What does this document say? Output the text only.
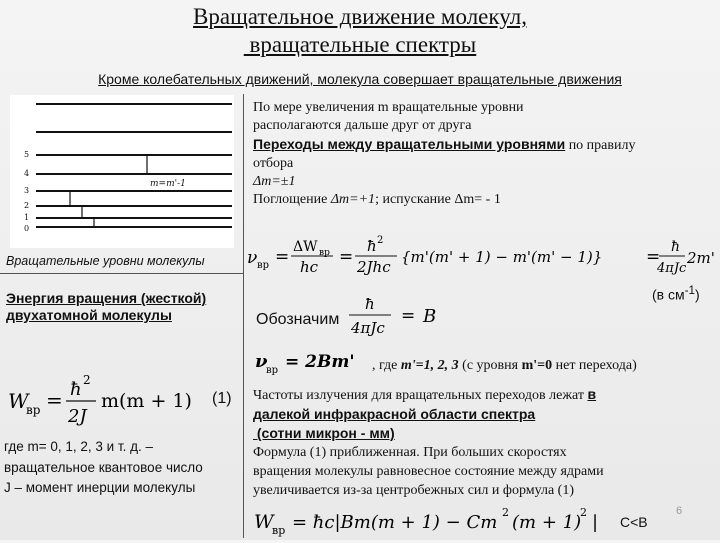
Вращательное движение молекул,
вращательные спектры
Кроме колебательных движений, молекула совершает вращательные движения
5
4
3
2
1
0
m=m'-1
Вращательные уровни молекулы
Энергия вращения (жесткой) двухатомной молекулы
W
вр = ħ 2
2J
m(m + 1) (1)
где m= 0, 1, 2, 3 и т. д. –
вращательное квантовое число
J – момент инерции молекулы
По мере увеличения m вращательные уровни
располагаются дальше друг от друга
Переходы между вращательными уровнями по правилу
отбора
Δm=±1
Поглощение Δm=+1; испускание Δm= - 1
ν вр = ΔW вр
hc =
ħ 2
2Jhc
{m'(m' + 1) − m'(m' − 1)}	= ħ
4πJc
2m'
(в $см^{-1}$)
Обозначим
ħ
4πJc
= B
ν
вр = 2Bm' , где m'=1, 2, 3 (с уровня m'=0 нет перехода)
Частоты излучения для вращательных переходов лежат в
далекой инфракрасной области спектра
(сотни микрон - мм)
Формула (1) приближенная. При больших скоростях
вращения молекулы равновесное состояние между ядрами
увеличивается из-за центробежных сил и формула (1)
W
вр = ħc|Bm(m + 1) − Cm 2 (m + 1)
2 | C<B
6
